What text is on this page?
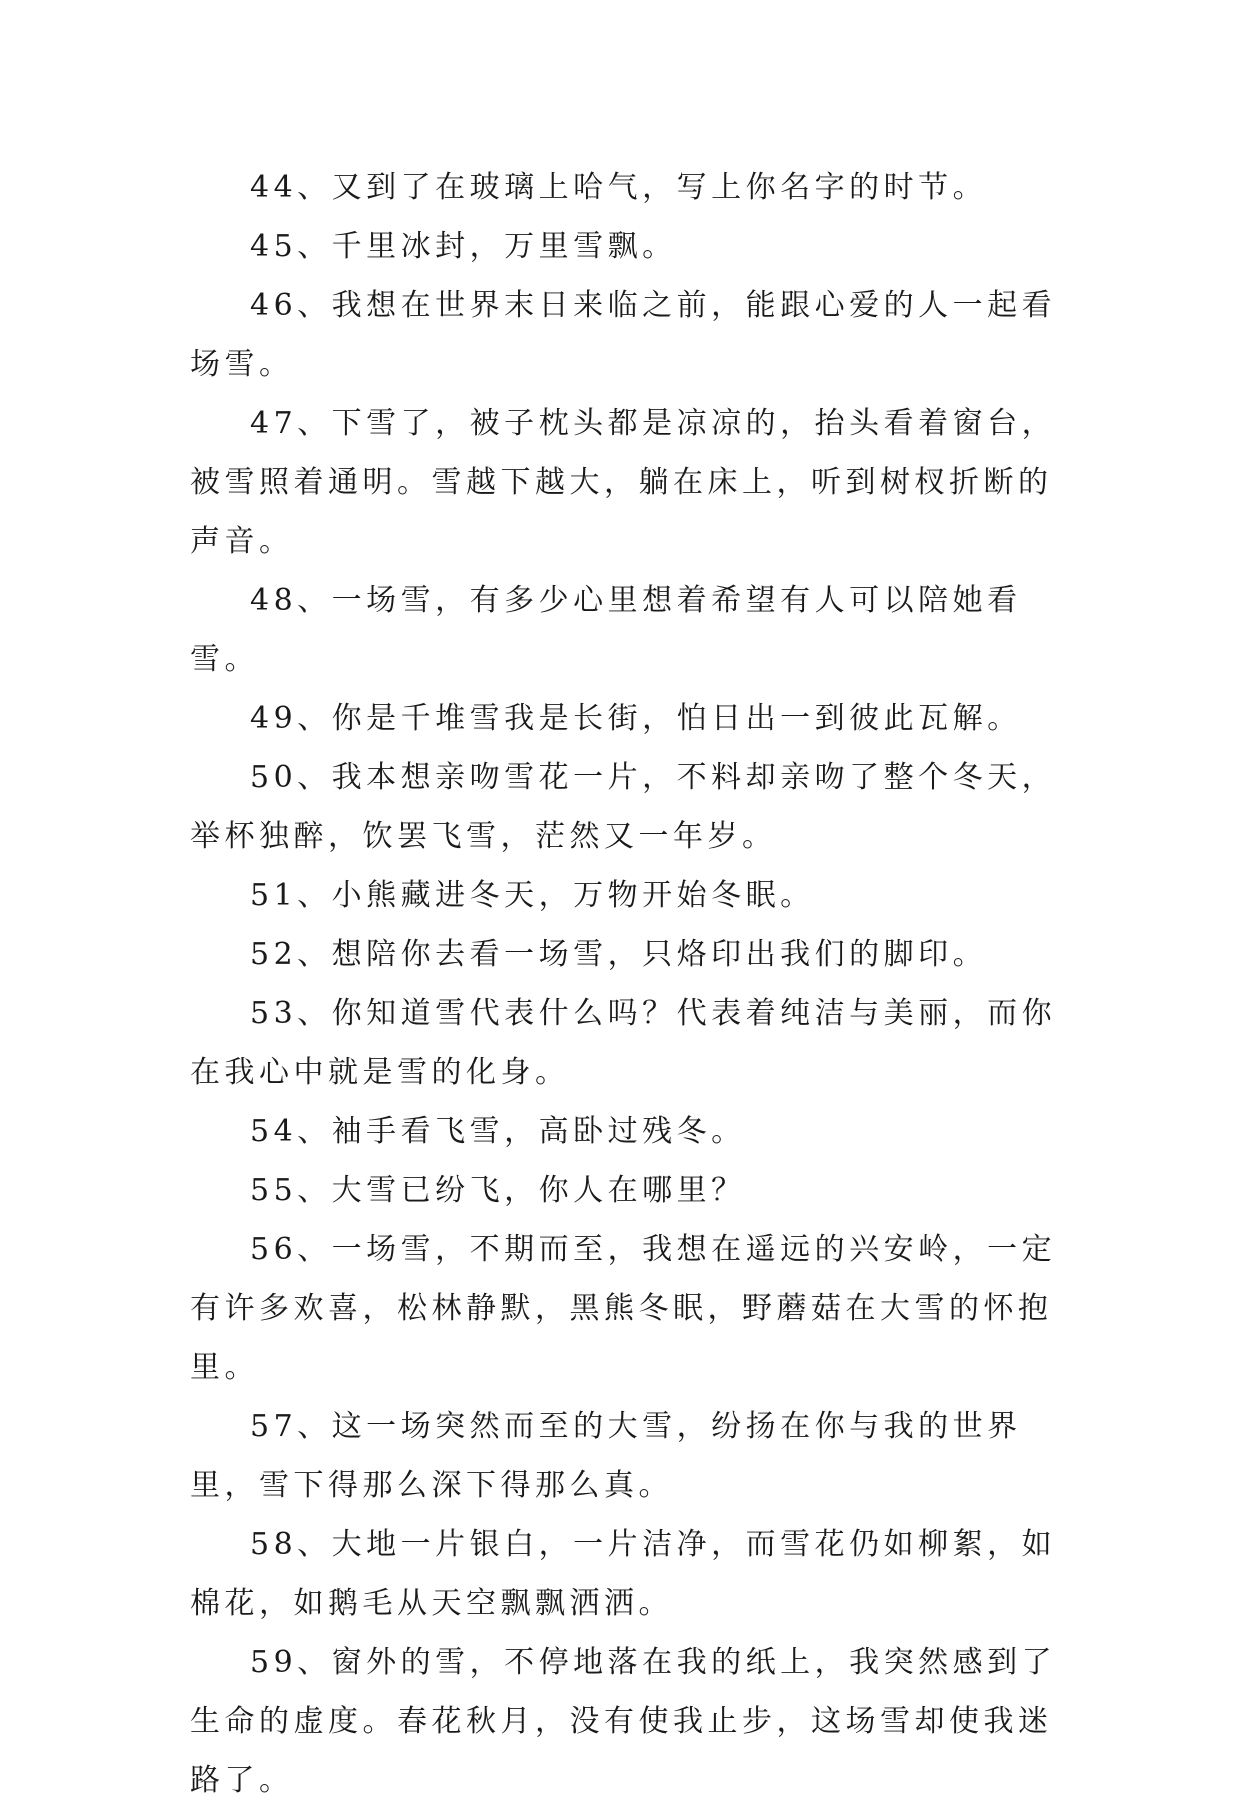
44、又到了在玻璃上哈气，写上你名字的时节。

45、千里冰封，万里雪飘。

46、我想在世界末日来临之前，能跟心爱的人一起看场雪。

47、下雪了，被子枕头都是凉凉的，抬头看着窗台，被雪照着通明。雪越下越大，躺在床上，听到树杈折断的声音。

48、一场雪，有多少心里想着希望有人可以陪她看雪。

49、你是千堆雪我是长街，怕日出一到彼此瓦解。

50、我本想亲吻雪花一片，不料却亲吻了整个冬天，举杯独醉，饮罢飞雪，茫然又一年岁。

51、小熊藏进冬天，万物开始冬眠。

52、想陪你去看一场雪，只烙印出我们的脚印。

53、你知道雪代表什么吗？代表着纯洁与美丽，而你在我心中就是雪的化身。

54、袖手看飞雪，高卧过残冬。

55、大雪已纷飞，你人在哪里？

56、一场雪，不期而至，我想在遥远的兴安岭，一定有许多欢喜，松林静默，黑熊冬眠，野蘑菇在大雪的怀抱里。

57、这一场突然而至的大雪，纷扬在你与我的世界里，雪下得那么深下得那么真。

58、大地一片银白，一片洁净，而雪花仍如柳絮，如棉花，如鹅毛从天空飘飘洒洒。

59、窗外的雪，不停地落在我的纸上，我突然感到了生命的虚度。春花秋月，没有使我止步，这场雪却使我迷路了。
